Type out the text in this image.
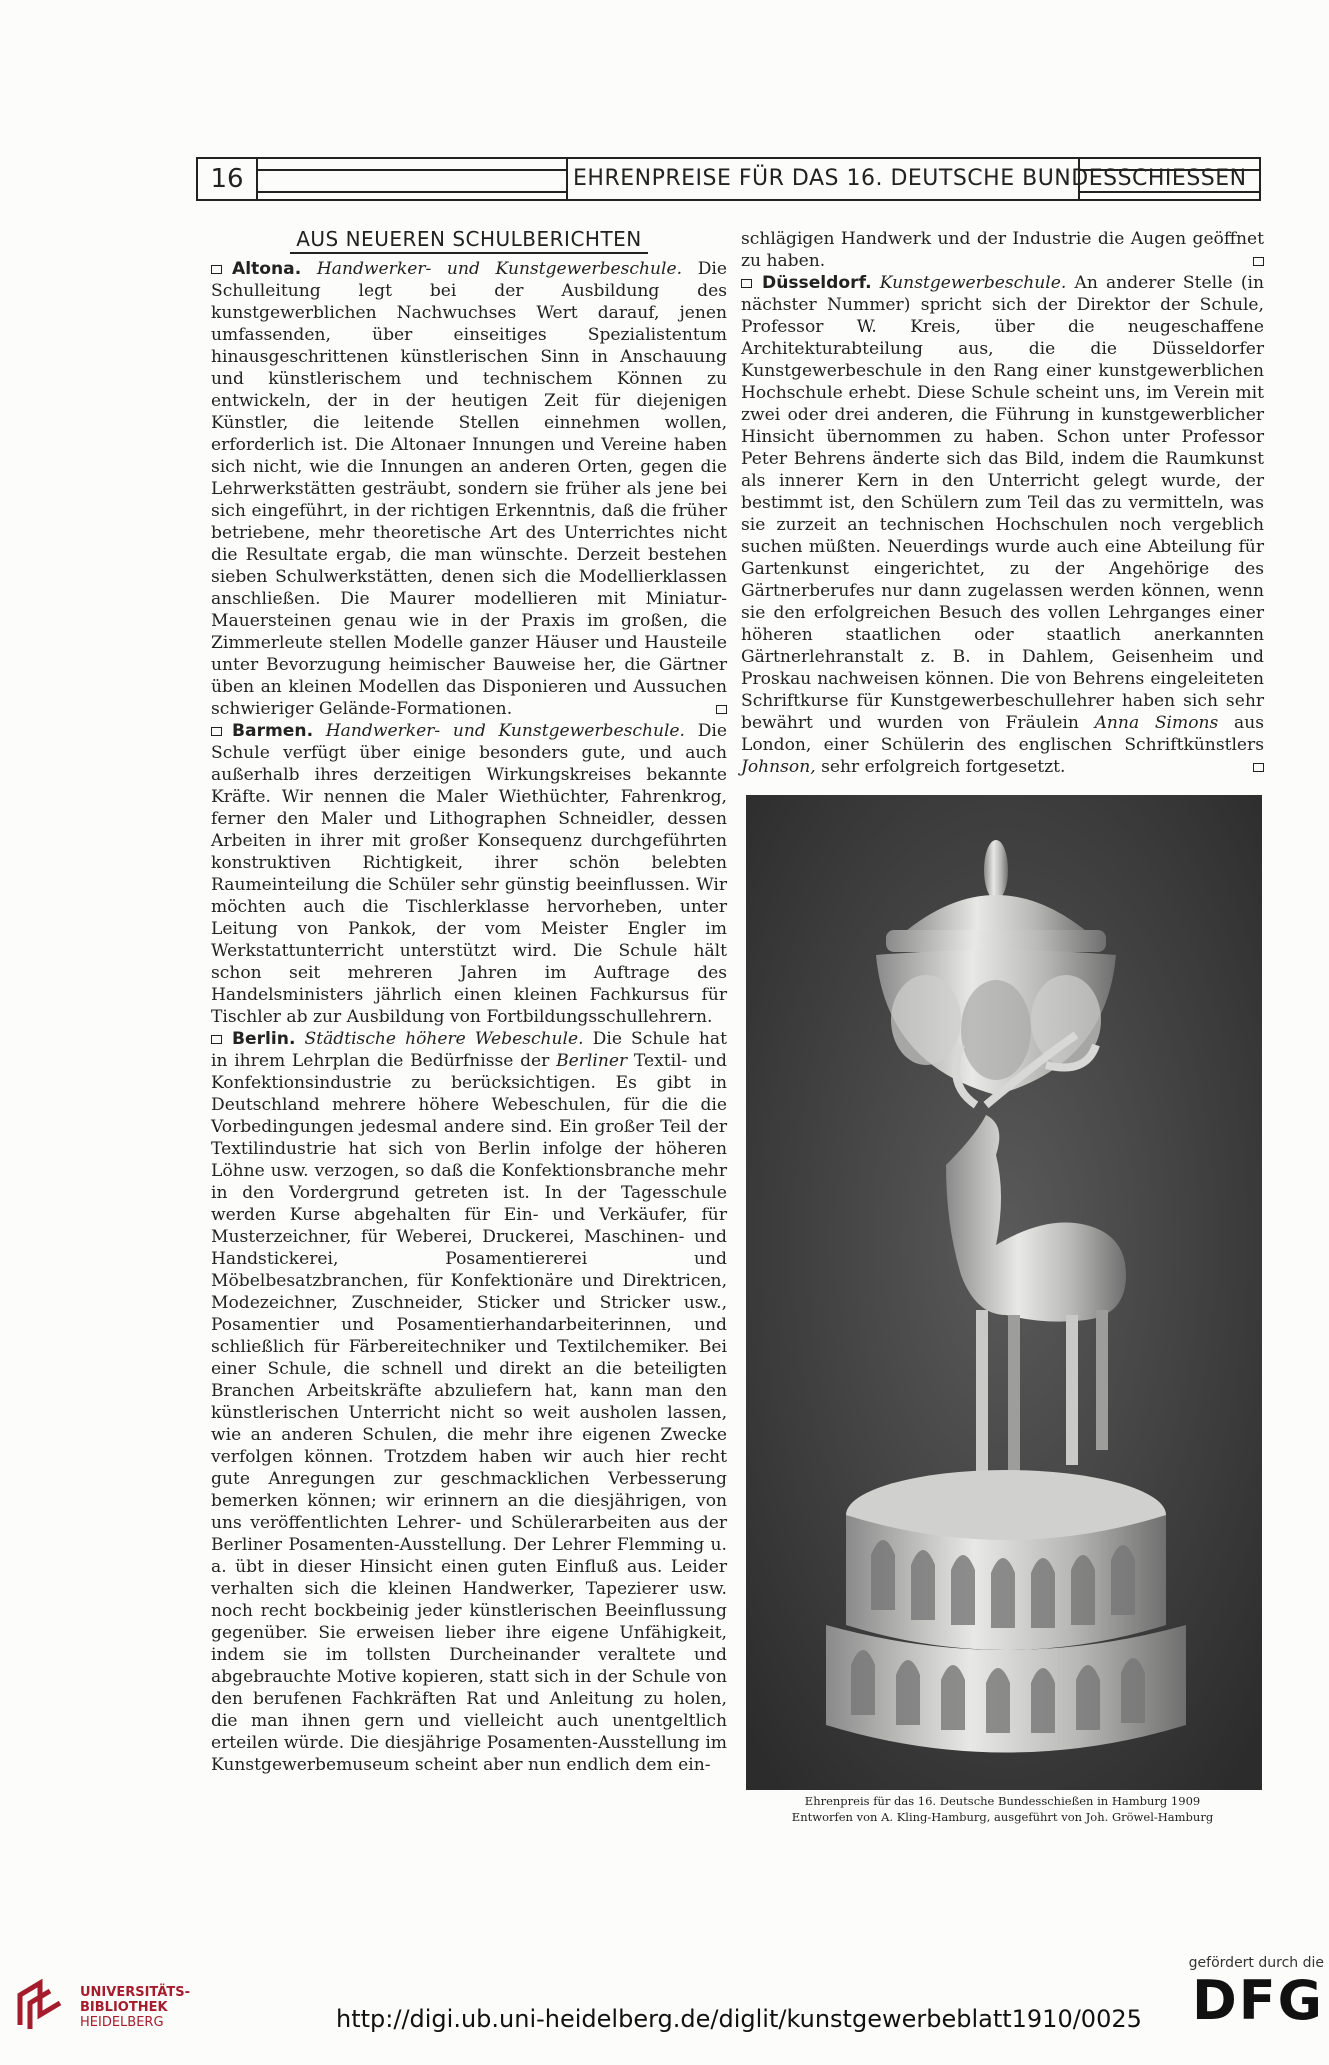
16	EHRENPREISE FÜR DAS 16. DEUTSCHE BUNDESSCHIESSEN
AUS NEUEREN SCHULBERICHTEN

Altona. Handwerker- und Kunstgewerbeschule. Die Schulleitung legt bei der Ausbildung des kunstgewerblichen Nachwuchses Wert darauf, jenen umfassenden, über einseitiges Spezialistentum hinausgeschrittenen künstlerischen Sinn in Anschauung und künstlerischem und technischem Können zu entwickeln, der in der heutigen Zeit für diejenigen Künstler, die leitende Stellen einnehmen wollen, erforderlich ist. Die Altonaer Innungen und Vereine haben sich nicht, wie die Innungen an anderen Orten, gegen die Lehrwerkstätten gesträubt, sondern sie früher als jene bei sich eingeführt, in der richtigen Erkenntnis, daß die früher betriebene, mehr theoretische Art des Unterrichtes nicht die Resultate ergab, die man wünschte. Derzeit bestehen sieben Schulwerkstätten, denen sich die Modellierklassen anschließen. Die Maurer modellieren mit Miniatur-Mauersteinen genau wie in der Praxis im großen, die Zimmerleute stellen Modelle ganzer Häuser und Hausteile unter Bevorzugung heimischer Bauweise her, die Gärtner üben an kleinen Modellen das Disponieren und Aussuchen schwieriger Gelände-Formationen.

Barmen. Handwerker- und Kunstgewerbeschule. Die Schule verfügt über einige besonders gute, und auch außerhalb ihres derzeitigen Wirkungskreises bekannte Kräfte. Wir nennen die Maler Wiethüchter, Fahrenkrog, ferner den Maler und Lithographen Schneidler, dessen Arbeiten in ihrer mit großer Konsequenz durchgeführten konstruktiven Richtigkeit, ihrer schön belebten Raumeinteilung die Schüler sehr günstig beeinflussen. Wir möchten auch die Tischlerklasse hervorheben, unter Leitung von Pankok, der vom Meister Engler im Werkstattunterricht unterstützt wird. Die Schule hält schon seit mehreren Jahren im Auftrage des Handelsministers jährlich einen kleinen Fachkursus für Tischler ab zur Ausbildung von Fortbildungsschullehrern.

Berlin. Städtische höhere Webeschule. Die Schule hat in ihrem Lehrplan die Bedürfnisse der Berliner Textil- und Konfektionsindustrie zu berücksichtigen. Es gibt in Deutschland mehrere höhere Webeschulen, für die die Vorbedingungen jedesmal andere sind. Ein großer Teil der Textilindustrie hat sich von Berlin infolge der höheren Löhne usw. verzogen, so daß die Konfektionsbranche mehr in den Vordergrund getreten ist. In der Tagesschule werden Kurse abgehalten für Ein- und Verkäufer, für Musterzeichner, für Weberei, Druckerei, Maschinen- und Handstickerei, Posamentiererei und Möbelbesatzbranchen, für Konfektionäre und Direktricen, Modezeichner, Zuschneider, Sticker und Stricker usw., Posamentier und Posamentierhandarbeiterinnen, und schließlich für Färbereitechniker und Textilchemiker. Bei einer Schule, die schnell und direkt an die beteiligten Branchen Arbeitskräfte abzuliefern hat, kann man den künstlerischen Unterricht nicht so weit ausholen lassen, wie an anderen Schulen, die mehr ihre eigenen Zwecke verfolgen können. Trotzdem haben wir auch hier recht gute Anregungen zur geschmacklichen Verbesserung bemerken können; wir erinnern an die diesjährigen, von uns veröffentlichten Lehrer- und Schülerarbeiten aus der Berliner Posamenten-Ausstellung. Der Lehrer Flemming u. a. übt in dieser Hinsicht einen guten Einfluß aus. Leider verhalten sich die kleinen Handwerker, Tapezierer usw. noch recht bockbeinig jeder künstlerischen Beeinflussung gegenüber. Sie erweisen lieber ihre eigene Unfähigkeit, indem sie im tollsten Durcheinander veraltete und abgebrauchte Motive kopieren, statt sich in der Schule von den berufenen Fachkräften Rat und Anleitung zu holen, die man ihnen gern und vielleicht auch unentgeltlich erteilen würde. Die diesjährige Posamenten-Ausstellung im Kunstgewerbemuseum scheint aber nun endlich dem ein-

schlägigen Handwerk und der Industrie die Augen geöffnet zu haben.

Düsseldorf. Kunstgewerbeschule. An anderer Stelle (in nächster Nummer) spricht sich der Direktor der Schule, Professor W. Kreis, über die neugeschaffene Architekturabteilung aus, die die Düsseldorfer Kunstgewerbeschule in den Rang einer kunstgewerblichen Hochschule erhebt. Diese Schule scheint uns, im Verein mit zwei oder drei anderen, die Führung in kunstgewerblicher Hinsicht übernommen zu haben. Schon unter Professor Peter Behrens änderte sich das Bild, indem die Raumkunst als innerer Kern in den Unterricht gelegt wurde, der bestimmt ist, den Schülern zum Teil das zu vermitteln, was sie zurzeit an technischen Hochschulen noch vergeblich suchen müßten. Neuerdings wurde auch eine Abteilung für Gartenkunst eingerichtet, zu der Angehörige des Gärtnerberufes nur dann zugelassen werden können, wenn sie den erfolgreichen Besuch des vollen Lehrganges einer höheren staatlichen oder staatlich anerkannten Gärtnerlehranstalt z. B. in Dahlem, Geisenheim und Proskau nachweisen können. Die von Behrens eingeleiteten Schriftkurse für Kunstgewerbeschullehrer haben sich sehr bewährt und wurden von Fräulein Anna Simons aus London, einer Schülerin des englischen Schriftkünstlers Johnson, sehr erfolgreich fortgesetzt.

Ehrenpreis für das 16. Deutsche Bundesschießen in Hamburg 1909
Entworfen von A. Kling-Hamburg, ausgeführt von Joh. Gröwel-Hamburg
UNIVERSITÄTS-
BIBLIOTHEK
HEIDELBERG	http://digi.ub.uni-heidelberg.de/diglit/kunstgewerbeblatt1910/0025
gefördert durch die
DFG
